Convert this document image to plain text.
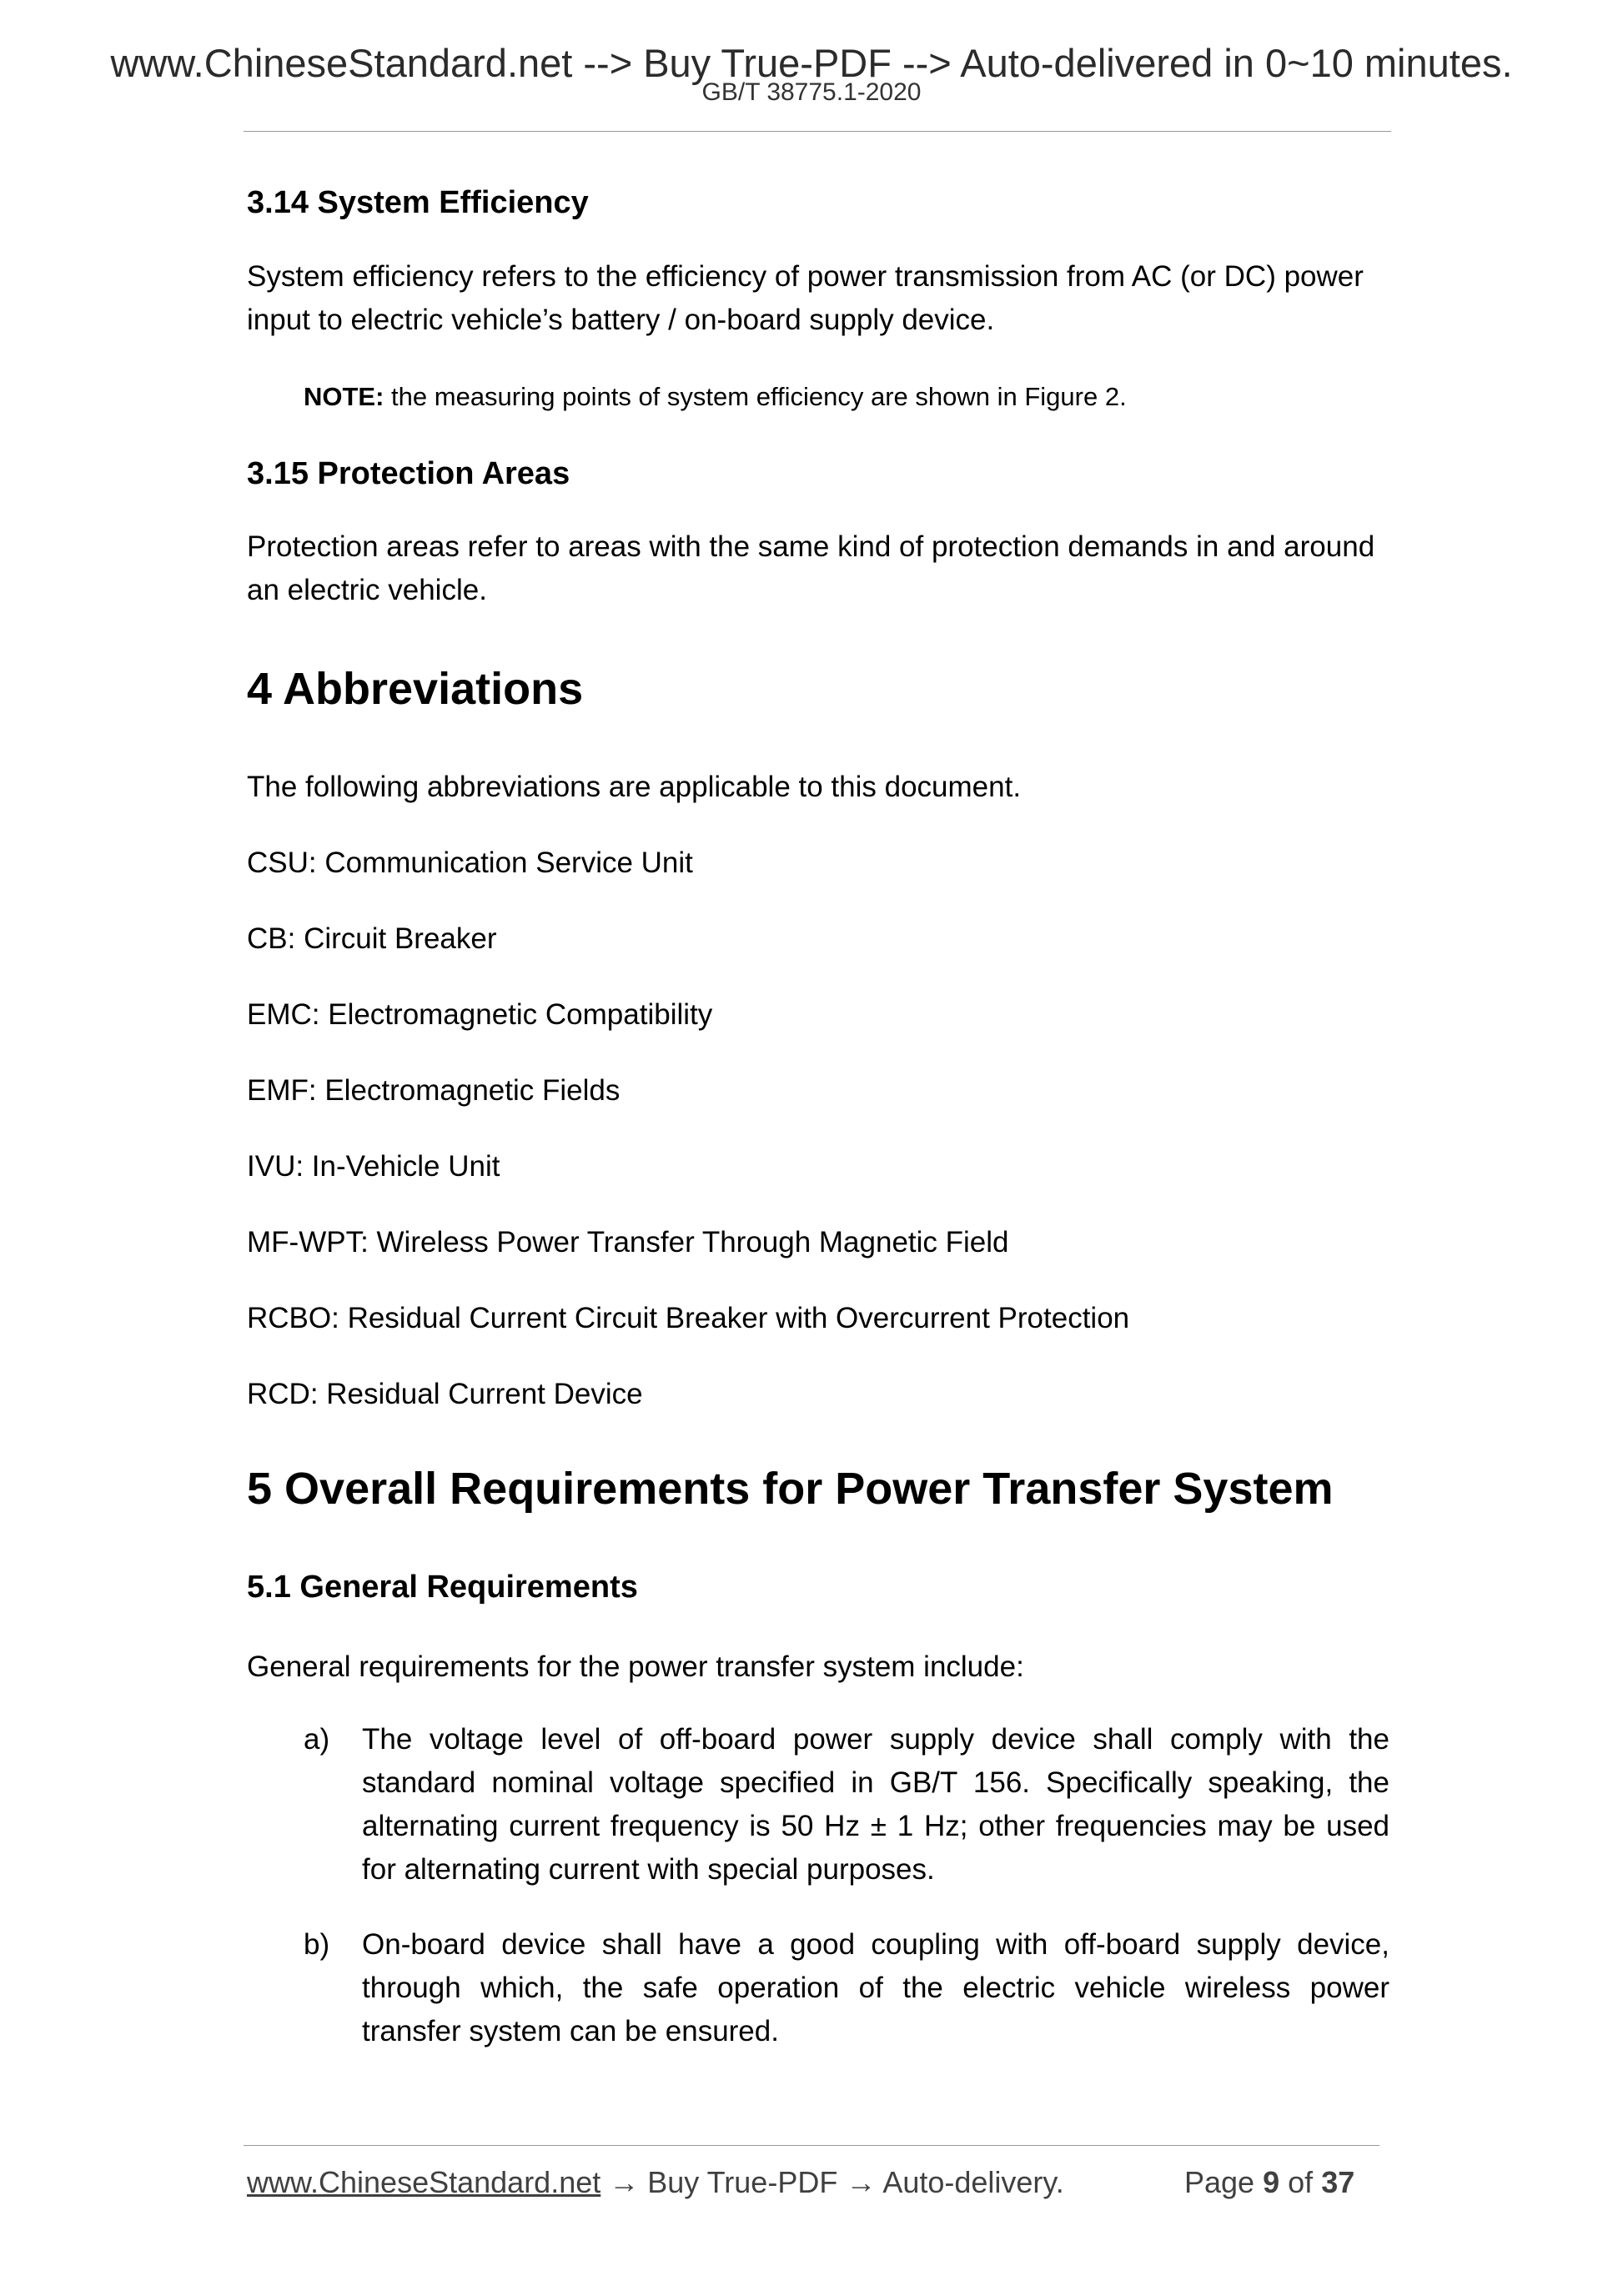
www.ChineseStandard.net --> Buy True-PDF --> Auto-delivered in 0~10 minutes.
GB/T 38775.1-2020
3.14 System Efficiency
System efficiency refers to the efficiency of power transmission from AC (or DC) power
input to electric vehicle’s battery / on-board supply device.
NOTE: the measuring points of system efficiency are shown in Figure 2.
3.15 Protection Areas
Protection areas refer to areas with the same kind of protection demands in and around
an electric vehicle.
4 Abbreviations
The following abbreviations are applicable to this document.
CSU: Communication Service Unit
CB: Circuit Breaker
EMC: Electromagnetic Compatibility
EMF: Electromagnetic Fields
IVU: In-Vehicle Unit
MF-WPT: Wireless Power Transfer Through Magnetic Field
RCBO: Residual Current Circuit Breaker with Overcurrent Protection
RCD: Residual Current Device
5 Overall Requirements for Power Transfer System
5.1 General Requirements
General requirements for the power transfer system include:
a) The voltage level of off-board power supply device shall comply with the
standard nominal voltage specified in GB/T 156. Specifically speaking, the
alternating current frequency is 50 Hz ± 1 Hz; other frequencies may be used
for alternating current with special purposes.
b) On-board device shall have a good coupling with off-board supply device,
through which, the safe operation of the electric vehicle wireless power
transfer system can be ensured.
www.ChineseStandard.net → Buy True-PDF → Auto-delivery.	Page 9 of 37
